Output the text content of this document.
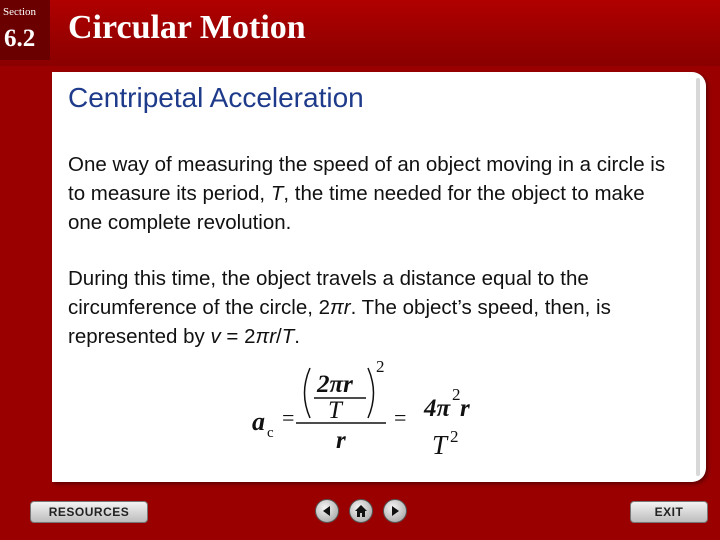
Section
6.2 Circular Motion
Centripetal Acceleration
One way of measuring the speed of an object moving in a circle is to measure its period, T, the time needed for the object to make one complete revolution.
During this time, the object travels a distance equal to the circumference of the circle, 2πr. The object’s speed, then, is represented by v = 2πr/T.
a c
=
2πr
T
2
r
= 4π
2
r
T 2
RESOURCES	EXIT
